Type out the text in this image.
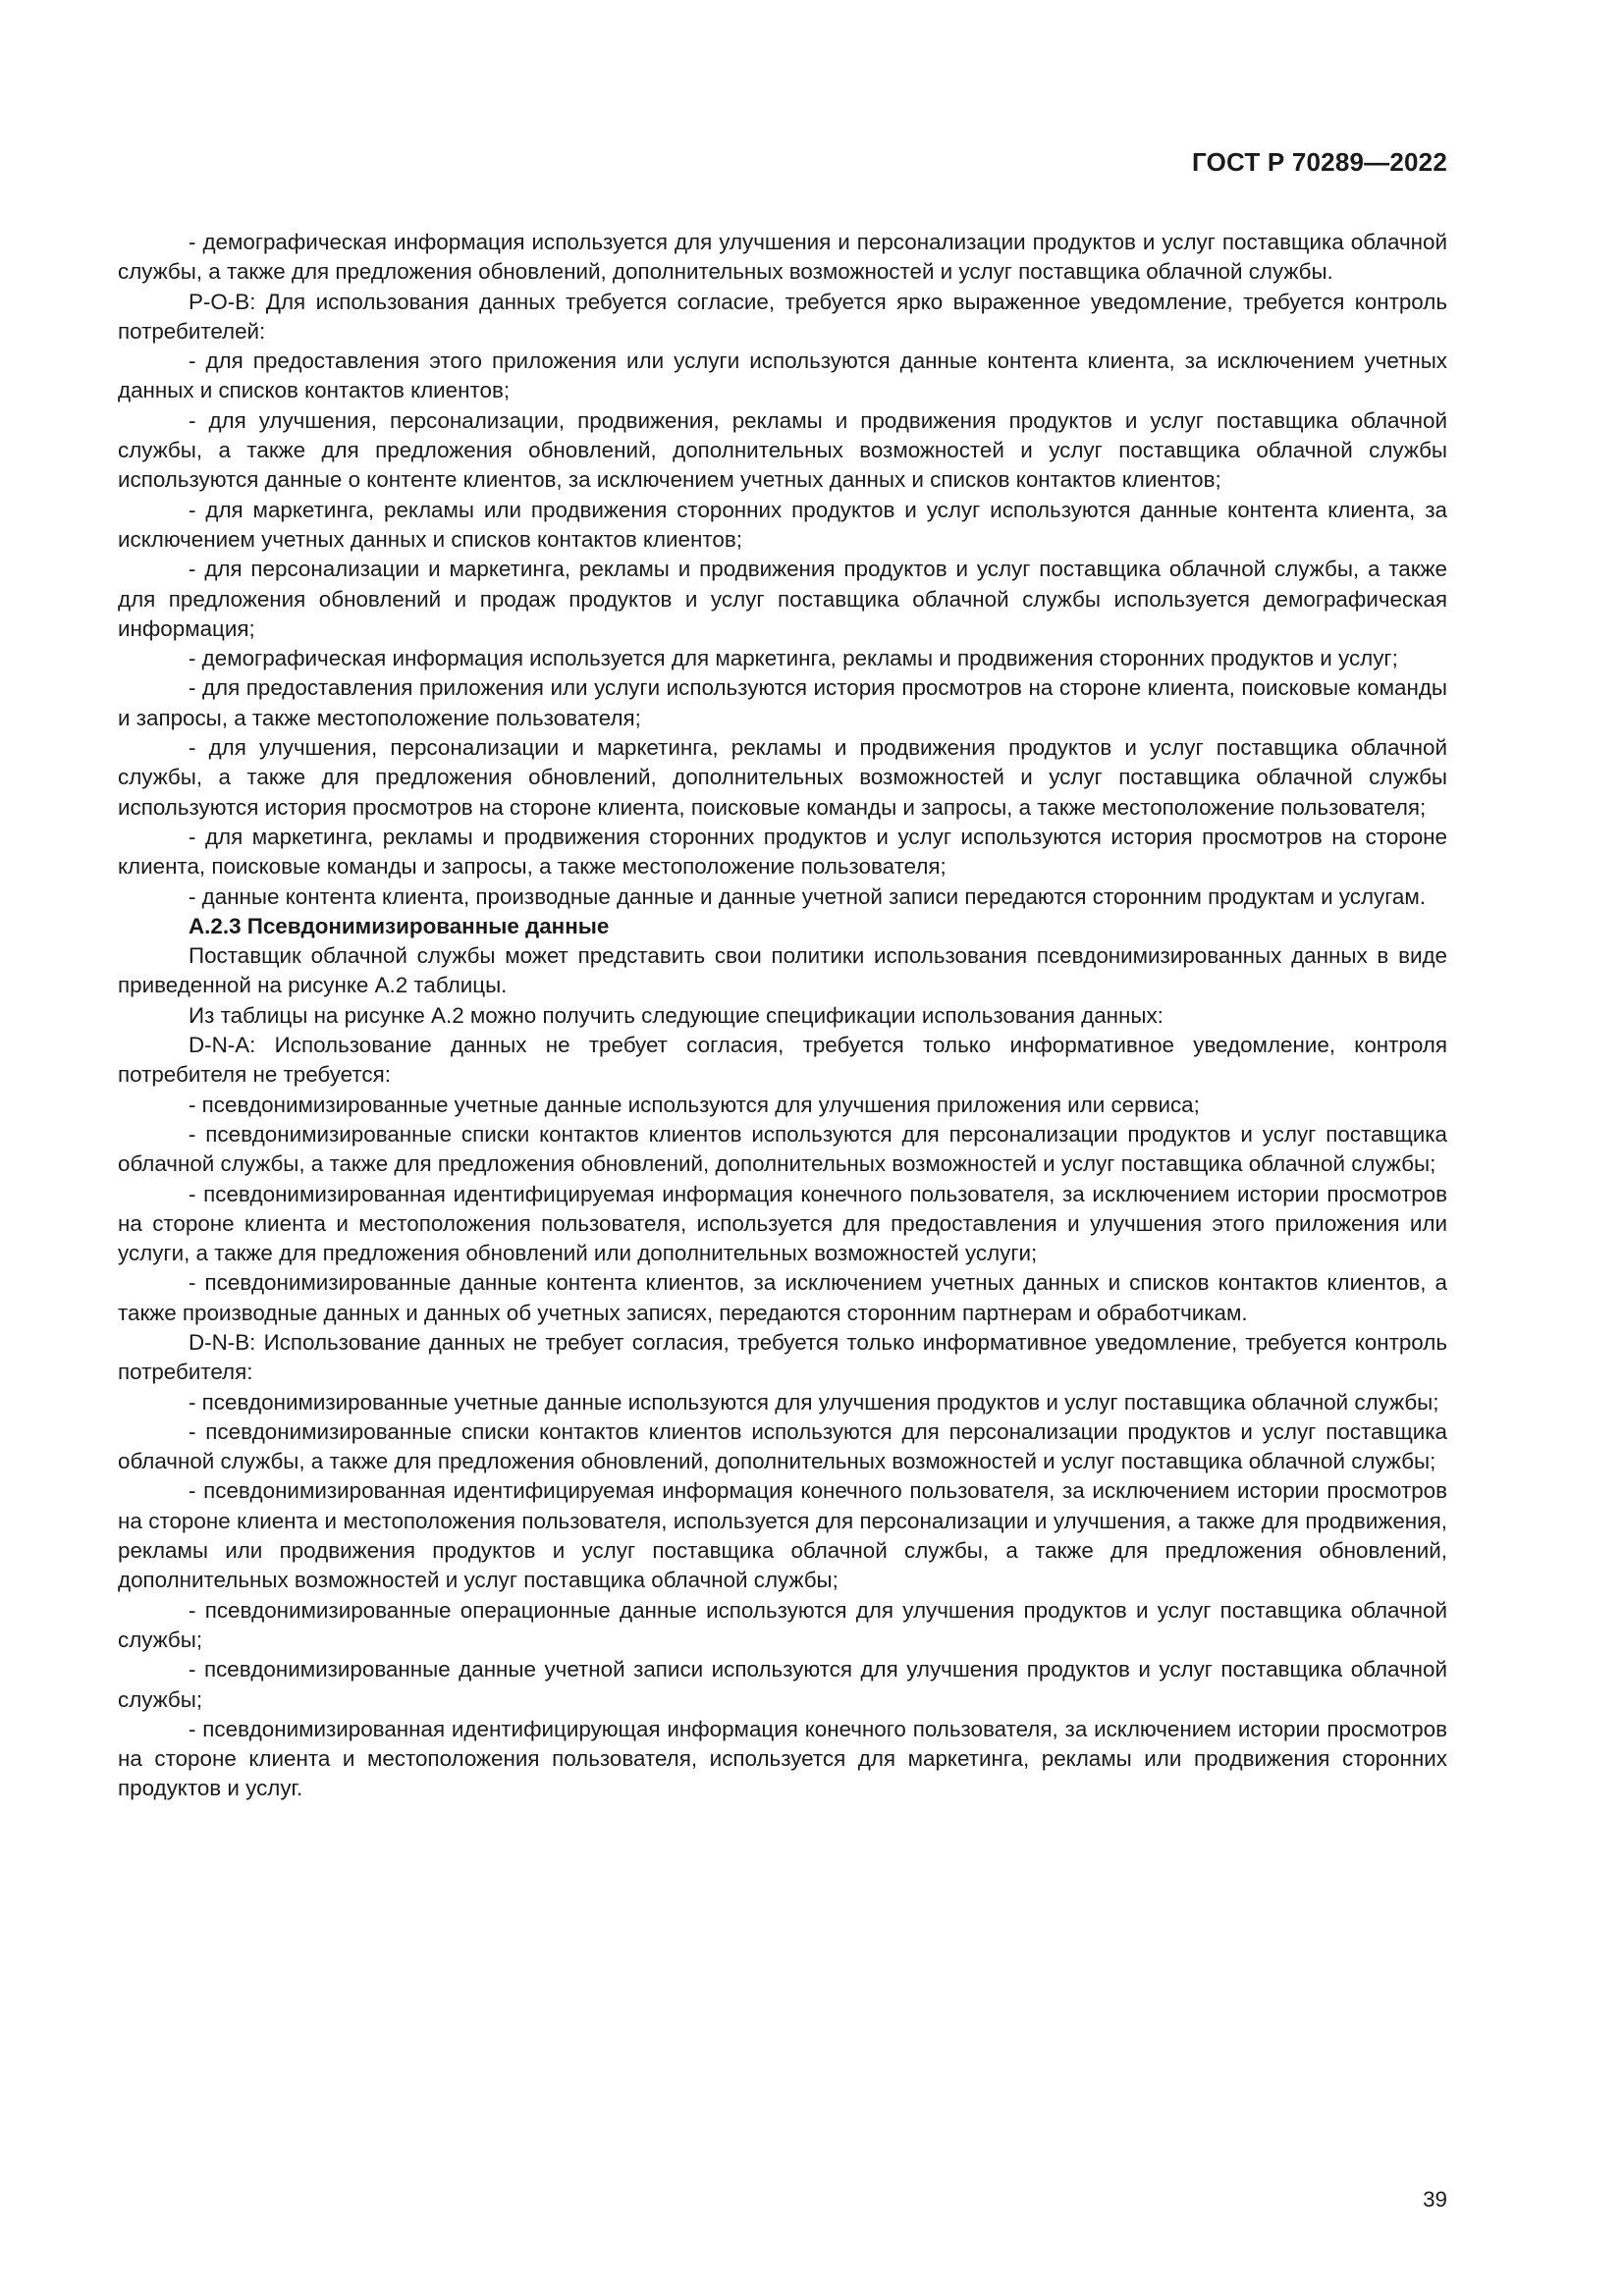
ГОСТ Р 70289—2022

- демографическая информация используется для улучшения и персонализации продуктов и услуг поставщика облачной службы, а также для предложения обновлений, дополнительных возможностей и услуг поставщика облачной службы.

P-O-B: Для использования данных требуется согласие, требуется ярко выраженное уведомление, требуется контроль потребителей:

- для предоставления этого приложения или услуги используются данные контента клиента, за исключением учетных данных и списков контактов клиентов;

- для улучшения, персонализации, продвижения, рекламы и продвижения продуктов и услуг поставщика облачной службы, а также для предложения обновлений, дополнительных возможностей и услуг поставщика облачной службы используются данные о контенте клиентов, за исключением учетных данных и списков контактов клиентов;

- для маркетинга, рекламы или продвижения сторонних продуктов и услуг используются данные контента клиента, за исключением учетных данных и списков контактов клиентов;

- для персонализации и маркетинга, рекламы и продвижения продуктов и услуг поставщика облачной службы, а также для предложения обновлений и продаж продуктов и услуг поставщика облачной службы используется демографическая информация;

- демографическая информация используется для маркетинга, рекламы и продвижения сторонних продуктов и услуг;

- для предоставления приложения или услуги используются история просмотров на стороне клиента, поисковые команды и запросы, а также местоположение пользователя;

- для улучшения, персонализации и маркетинга, рекламы и продвижения продуктов и услуг поставщика облачной службы, а также для предложения обновлений, дополнительных возможностей и услуг поставщика облачной службы используются история просмотров на стороне клиента, поисковые команды и запросы, а также местоположение пользователя;

- для маркетинга, рекламы и продвижения сторонних продуктов и услуг используются история просмотров на стороне клиента, поисковые команды и запросы, а также местоположение пользователя;

- данные контента клиента, производные данные и данные учетной записи передаются сторонним продуктам и услугам.

А.2.3 Псевдонимизированные данные

Поставщик облачной службы может представить свои политики использования псевдонимизированных данных в виде приведенной на рисунке А.2 таблицы.

Из таблицы на рисунке А.2 можно получить следующие спецификации использования данных:

D-N-A: Использование данных не требует согласия, требуется только информативное уведомление, контроля потребителя не требуется:

- псевдонимизированные учетные данные используются для улучшения приложения или сервиса;

- псевдонимизированные списки контактов клиентов используются для персонализации продуктов и услуг поставщика облачной службы, а также для предложения обновлений, дополнительных возможностей и услуг поставщика облачной службы;

- псевдонимизированная идентифицируемая информация конечного пользователя, за исключением истории просмотров на стороне клиента и местоположения пользователя, используется для предоставления и улучшения этого приложения или услуги, а также для предложения обновлений или дополнительных возможностей услуги;

- псевдонимизированные данные контента клиентов, за исключением учетных данных и списков контактов клиентов, а также производные данных и данных об учетных записях, передаются сторонним партнерам и обработчикам.

D-N-B: Использование данных не требует согласия, требуется только информативное уведомление, требуется контроль потребителя:

- псевдонимизированные учетные данные используются для улучшения продуктов и услуг поставщика облачной службы;

- псевдонимизированные списки контактов клиентов используются для персонализации продуктов и услуг поставщика облачной службы, а также для предложения обновлений, дополнительных возможностей и услуг поставщика облачной службы;

- псевдонимизированная идентифицируемая информация конечного пользователя, за исключением истории просмотров на стороне клиента и местоположения пользователя, используется для персонализации и улучшения, а также для продвижения, рекламы или продвижения продуктов и услуг поставщика облачной службы, а также для предложения обновлений, дополнительных возможностей и услуг поставщика облачной службы;

- псевдонимизированные операционные данные используются для улучшения продуктов и услуг поставщика облачной службы;

- псевдонимизированные данные учетной записи используются для улучшения продуктов и услуг поставщика облачной службы;

- псевдонимизированная идентифицирующая информация конечного пользователя, за исключением истории просмотров на стороне клиента и местоположения пользователя, используется для маркетинга, рекламы или продвижения сторонних продуктов и услуг.

39
